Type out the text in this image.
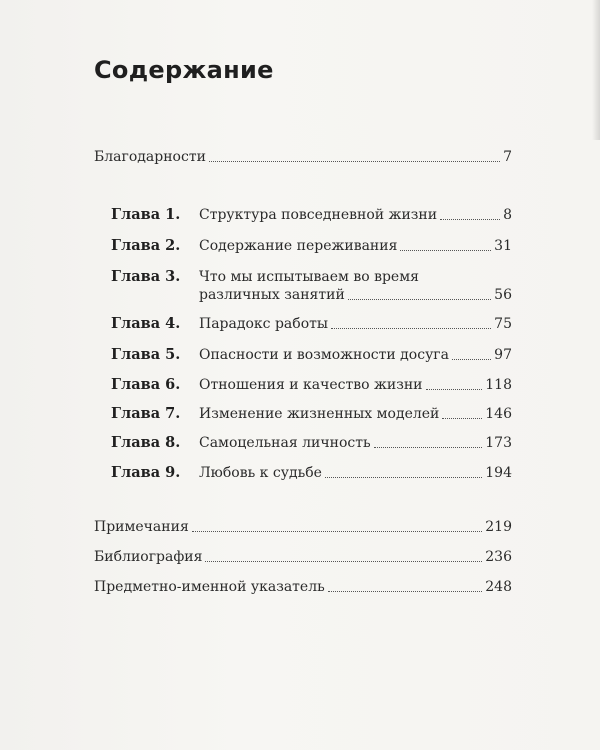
Содержание
Благодарности	7
Глава 1.	Структура повседневной жизни	8
Глава 2.	Содержание переживания	31
Глава 3.	Что мы испытываем во время
различных занятий	56
Глава 4.	Парадокс работы	75
Глава 5.	Опасности и возможности досуга	97
Глава 6.	Отношения и качество жизни	118
Глава 7.	Изменение жизненных моделей	146
Глава 8.	Самоцельная личность	173
Глава 9.	Любовь к судьбе	194
Примечания	219
Библиография	236
Предметно-именной указатель	248
